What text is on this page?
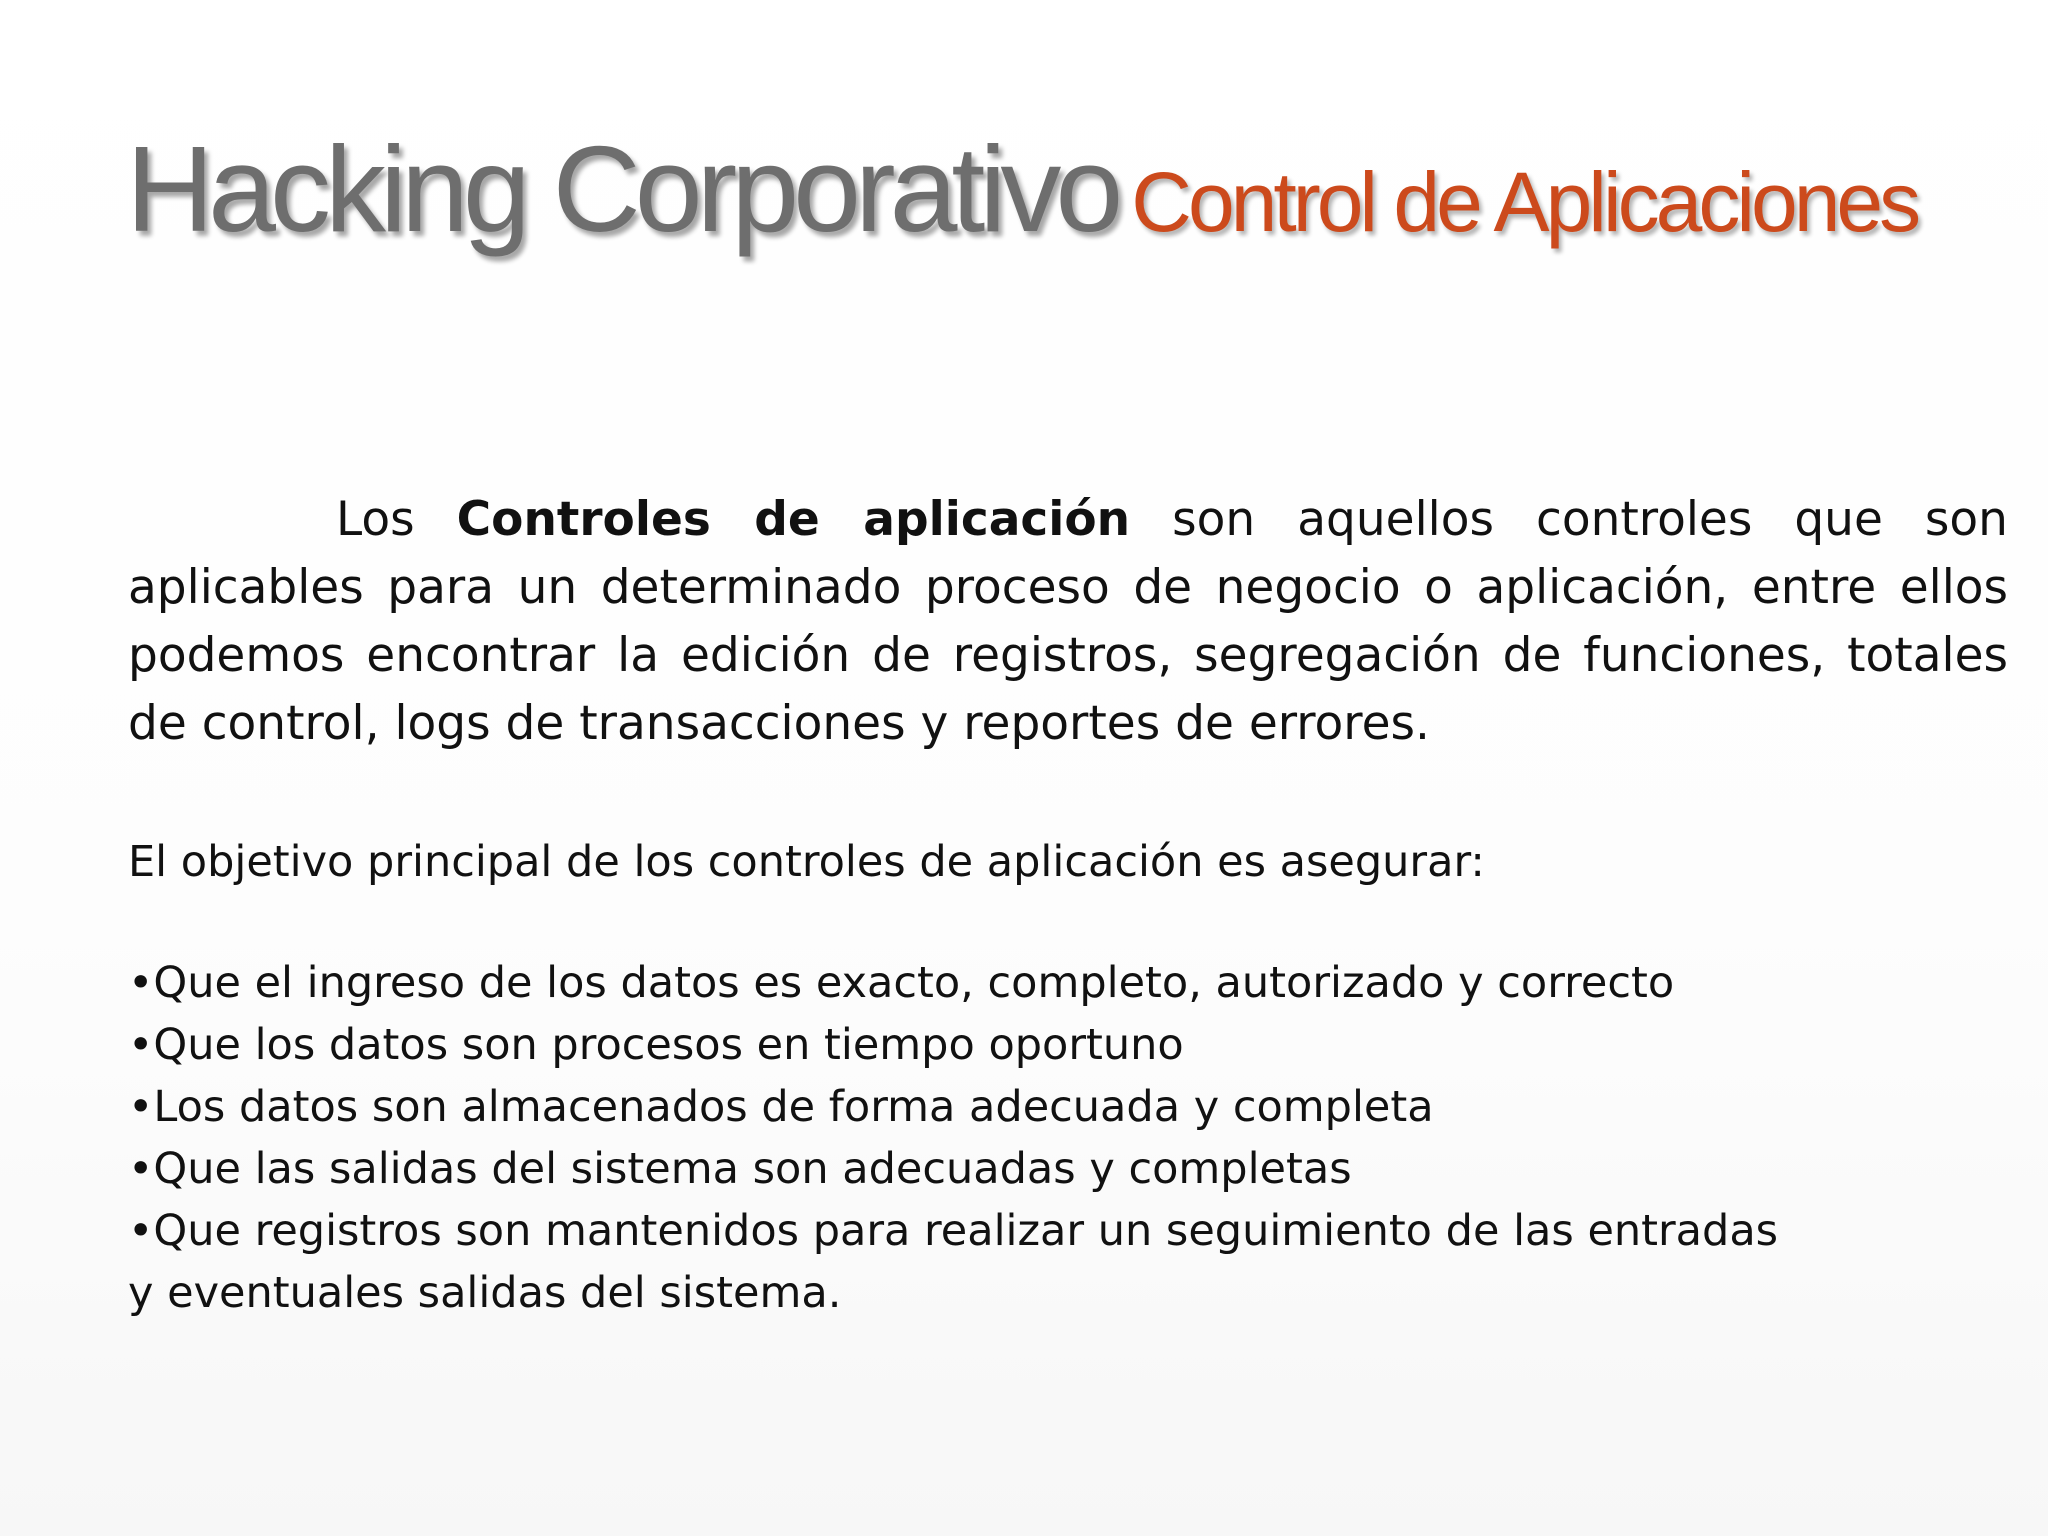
Hacking Corporativo Control de Aplicaciones

Los Controles de aplicación son aquellos controles que son aplicables para un determinado proceso de negocio o aplicación, entre ellos podemos encontrar la edición de registros, segregación de funciones, totales de control, logs de transacciones y reportes de errores.

El objetivo principal de los controles de aplicación es asegurar:

•Que el ingreso de los datos es exacto, completo, autorizado y correcto
•Que los datos son procesos en tiempo oportuno
•Los datos son almacenados de forma adecuada y completa
•Que las salidas del sistema son adecuadas y completas
•Que registros son mantenidos para realizar un seguimiento de las entradas y eventuales salidas del sistema.
